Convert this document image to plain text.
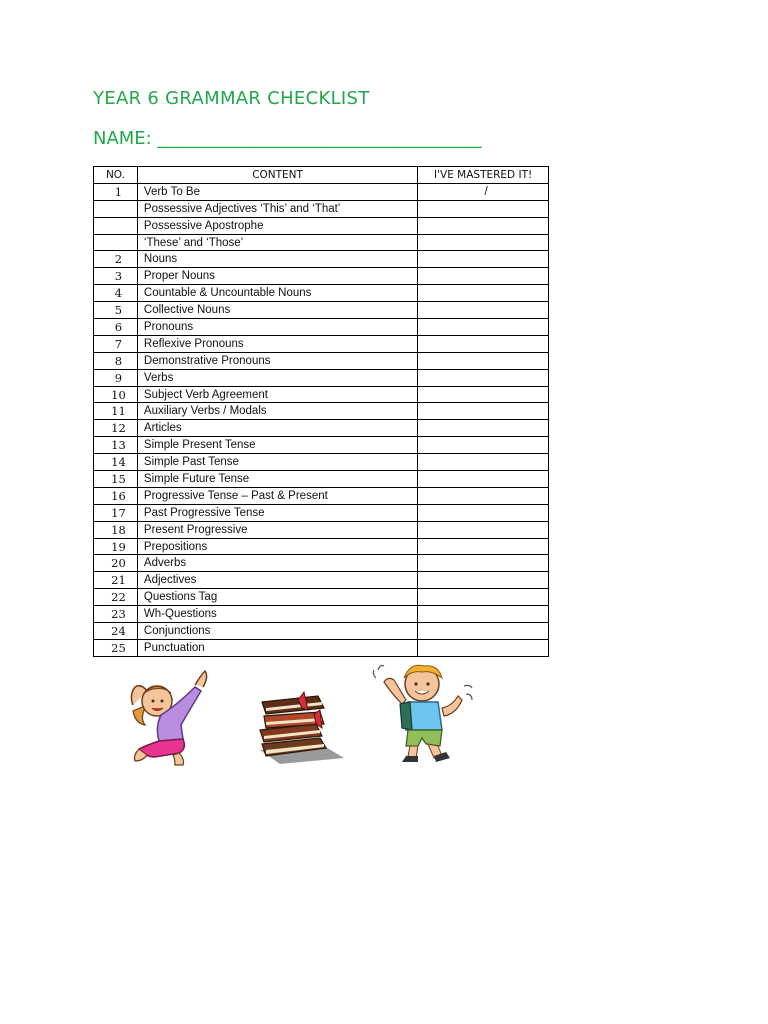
YEAR 6 GRAMMAR CHECKLIST
NAME: ____________________________________
NO.	CONTENT	I'VE MASTERED IT!
1	Verb To Be	/
	Possessive Adjectives ‘This’ and ‘That’	
	Possessive Apostrophe	
	‘These’ and ‘Those’	
2	Nouns	
3	Proper Nouns	
4	Countable & Uncountable Nouns	
5	Collective Nouns	
6	Pronouns	
7	Reflexive Pronouns	
8	Demonstrative Pronouns	
9	Verbs	
10	Subject Verb Agreement	
11	Auxiliary Verbs / Modals	
12	Articles	
13	Simple Present Tense	
14	Simple Past Tense	
15	Simple Future Tense	
16	Progressive Tense – Past & Present	
17	Past Progressive Tense	
18	Present Progressive	
19	Prepositions	
20	Adverbs	
21	Adjectives	
22	Questions Tag	
23	Wh-Questions	
24	Conjunctions	
25	Punctuation	
